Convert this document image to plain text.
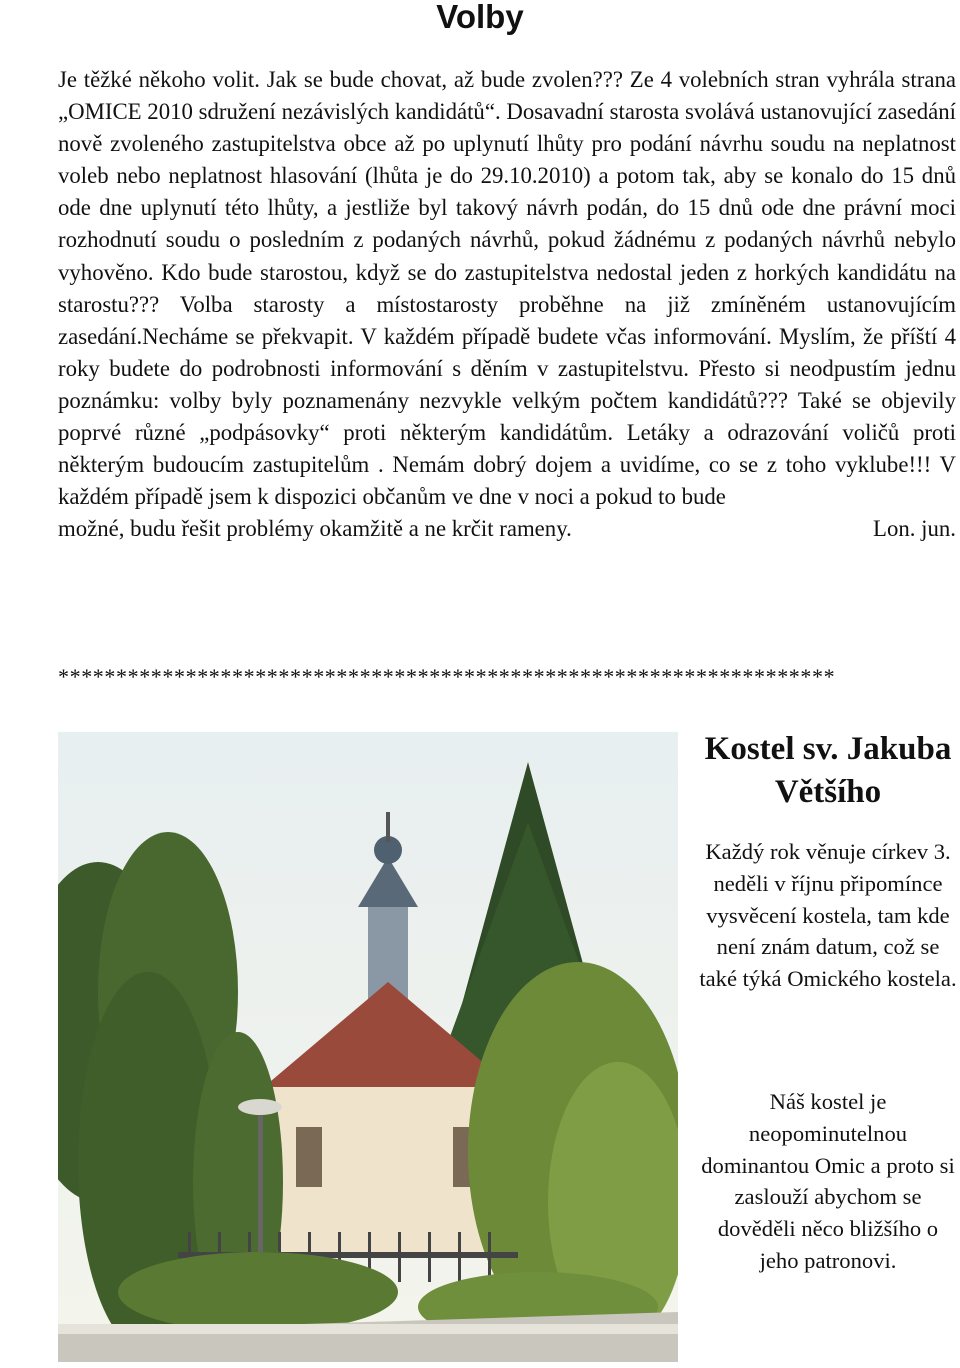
Volby

Je těžké někoho volit. Jak se bude chovat, až bude zvolen??? Ze 4 volebních stran vyhrála strana „OMICE 2010 sdružení nezávislých kandidátů“. Dosavadní starosta svolává ustanovující zasedání nově zvoleného zastupitelstva obce až po uplynutí lhůty pro podání návrhu soudu na neplatnost voleb nebo neplatnost hlasování (lhůta je do 29.10.2010) a potom tak, aby se konalo do 15 dnů ode dne uplynutí této lhůty, a jestliže byl takový návrh podán, do 15 dnů ode dne právní moci rozhodnutí soudu o posledním z podaných návrhů, pokud žádnému z podaných návrhů nebylo vyhověno. Kdo bude starostou, když se do zastupitelstva nedostal jeden z horkých kandidátu na starostu??? Volba starosty a místostarosty proběhne na již zmíněném ustanovujícím zasedání.Necháme se překvapit. V každém případě budete včas informování. Myslím, že příští 4 roky budete do podrobnosti informování s děním v zastupitelstvu. Přesto si neodpustím jednu poznámku: volby byly poznamenány nezvykle velkým počtem kandidátů??? Také se objevily poprvé různé „podpásovky“ proti některým kandidátům. Letáky a odrazování voličů proti některým budoucím zastupitelům . Nemám dobrý dojem a uvidíme, co se z toho vyklube!!! V každém případě jsem k dispozici občanům ve dne v noci a pokud to bude

možné, budu řešit problémy okamžitě a ne krčit rameny.	Lon. jun.
*******************************************************************
Kostel sv. Jakuba Většího

Každý rok věnuje církev 3. neděli v říjnu připomínce vysvěcení kostela, tam kde není znám datum, což se také týká Omického kostela.

Náš kostel je neopominutelnou dominantou Omic a proto si zaslouží abychom se dověděli něco bližšího o jeho patronovi.
